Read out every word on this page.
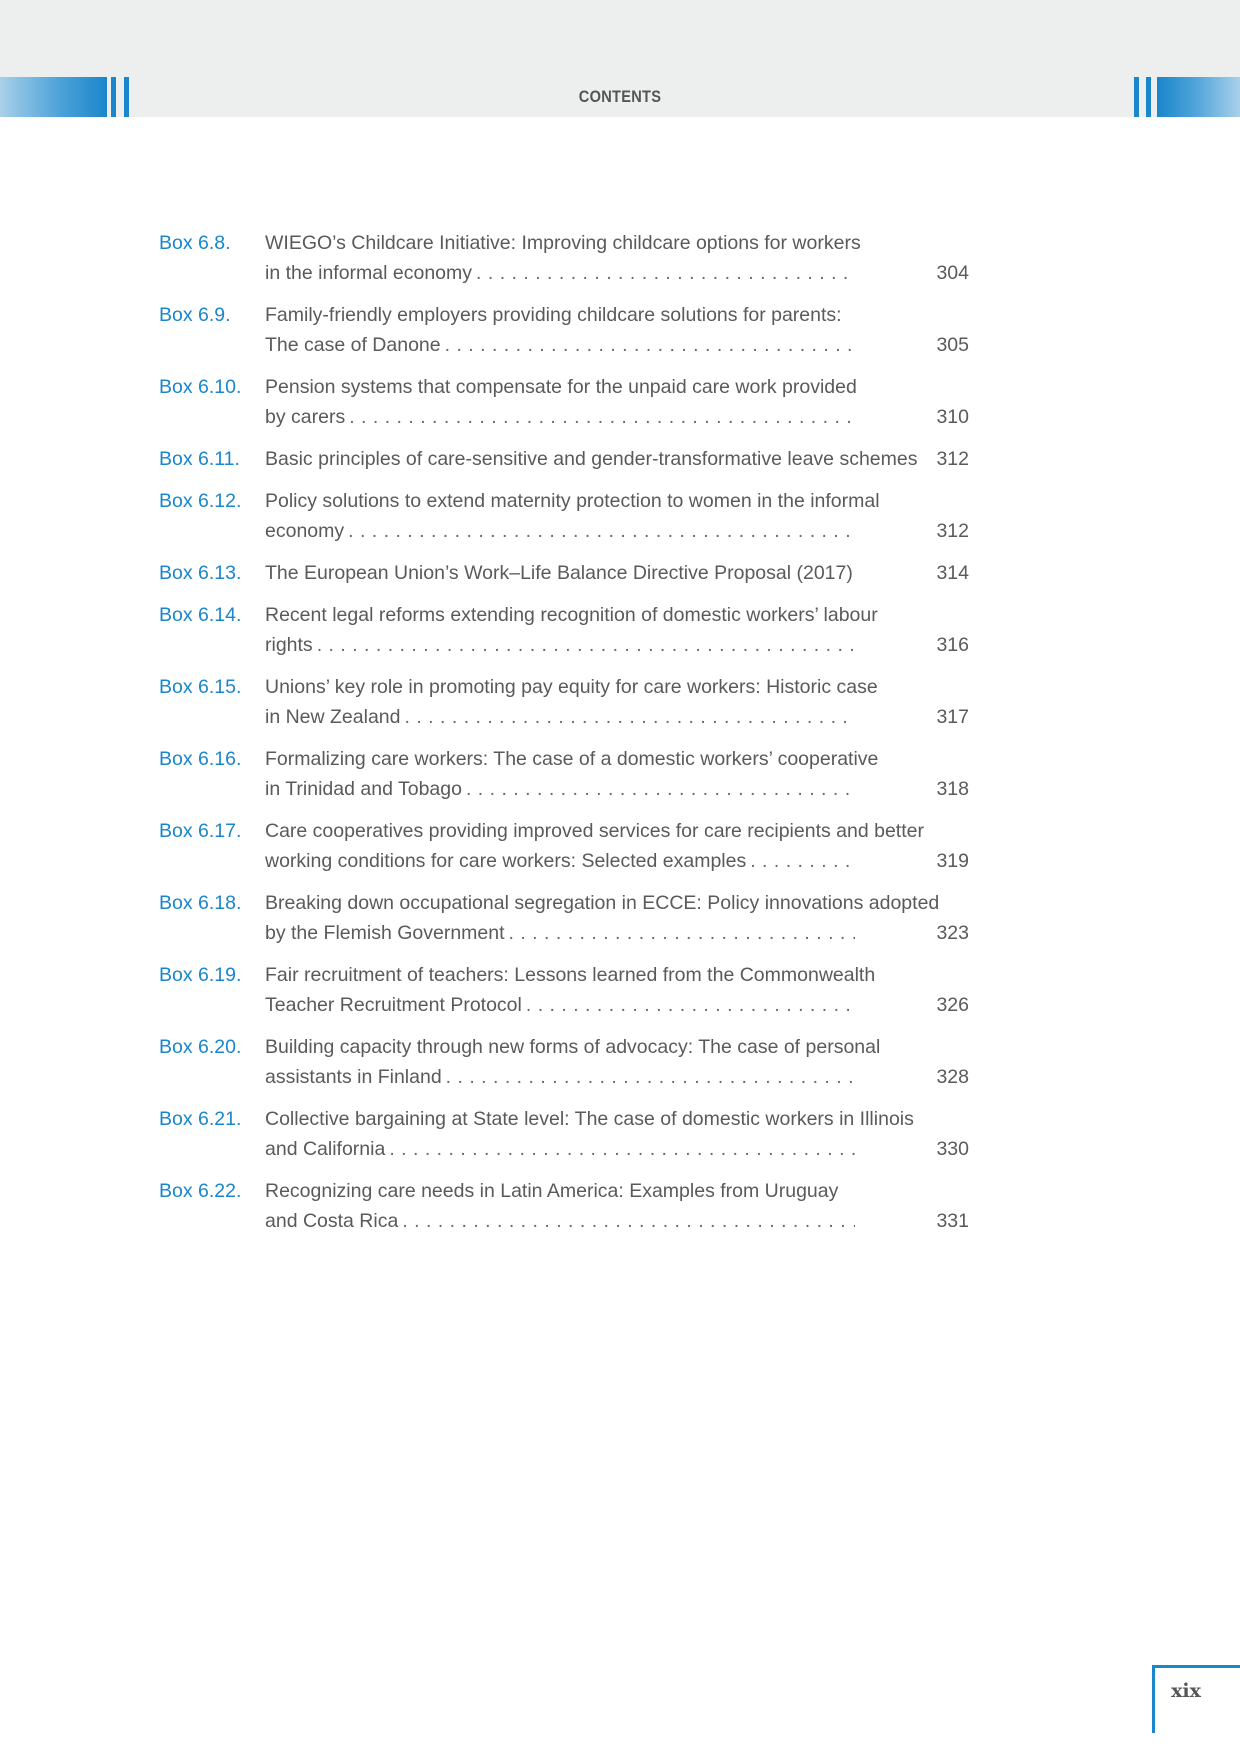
CONTENTS
Box 6.8. WIEGO’s Childcare Initiative: Improving childcare options for workers
in the informal economy . . .	304
Box 6.9. Family-friendly employers providing childcare solutions for parents:
The case of Danone . . .	305
Box 6.10. Pension systems that compensate for the unpaid care work provided
by carers . . .	310
Box 6.11. Basic principles of care-sensitive and gender-transformative leave schemes 312
Box 6.12. Policy solutions to extend maternity protection to women in the informal
economy . . .	312
Box 6.13. The European Union’s Work–Life Balance Directive Proposal (2017)	314
Box 6.14. Recent legal reforms extending recognition of domestic workers’ labour
rights . . .	316
Box 6.15. Unions’ key role in promoting pay equity for care workers: Historic case
in New Zealand . . .	317
Box 6.16. Formalizing care workers: The case of a domestic workers’ cooperative
in Trinidad and Tobago . . .	318
Box 6.17. Care cooperatives providing improved services for care recipients and better
working conditions for care workers: Selected examples . . .	319
Box 6.18. Breaking down occupational segregation in ECCE: Policy innovations adopted
by the Flemish Government . . .	323
Box 6.19. Fair recruitment of teachers: Lessons learned from the Commonwealth
Teacher Recruitment Protocol . . .	326
Box 6.20. Building capacity through new forms of advocacy: The case of personal
assistants in Finland . . .	328
Box 6.21. Collective bargaining at State level: The case of domestic workers in Illinois
and California . . .	330
Box 6.22. Recognizing care needs in Latin America: Examples from Uruguay
and Costa Rica . . .	331
xix
